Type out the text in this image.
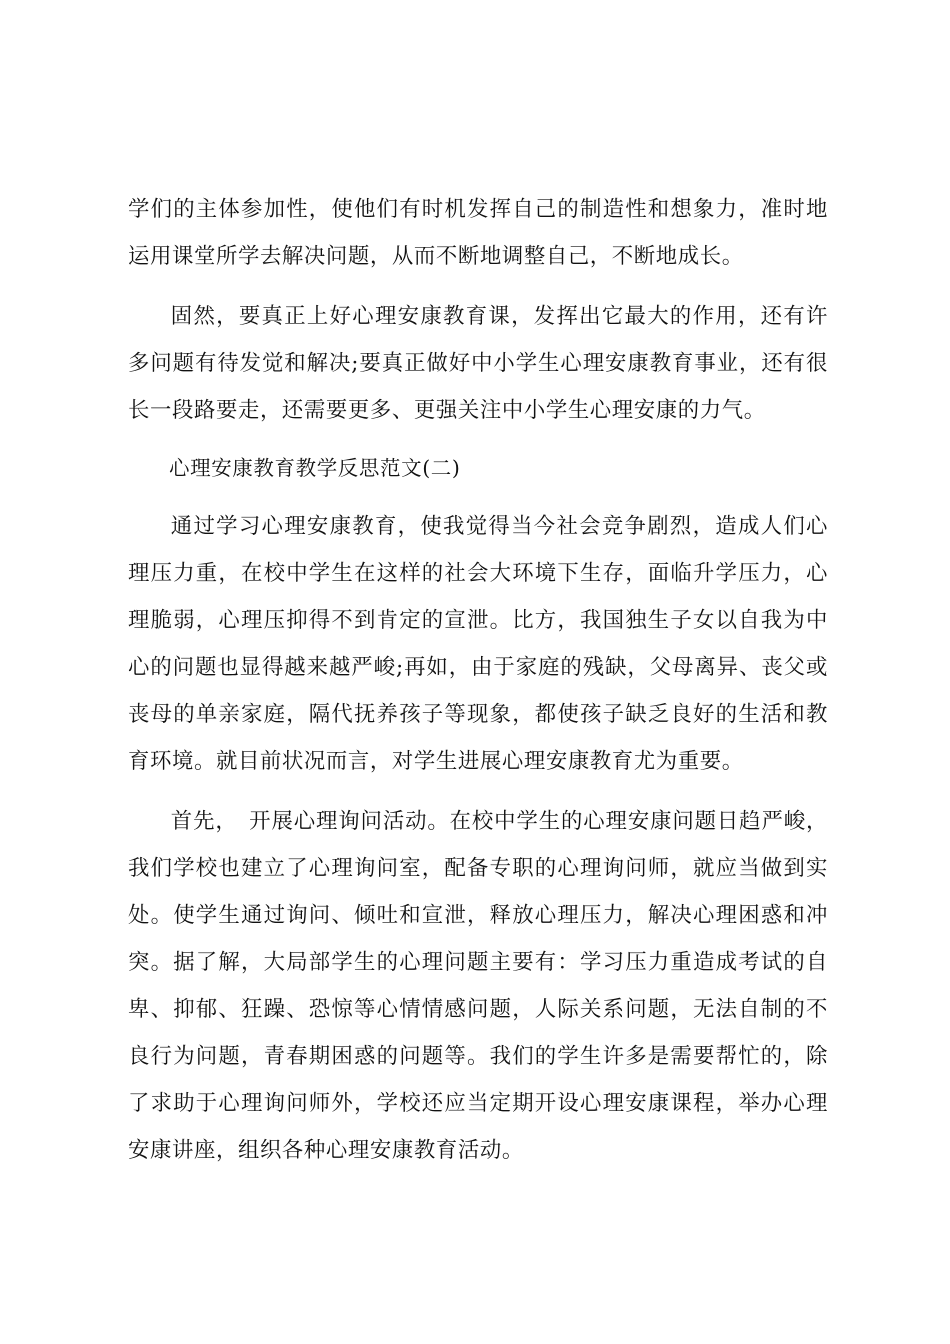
学们的主体参加性，使他们有时机发挥自己的制造性和想象力，准时地运用课堂所学去解决问题，从而不断地调整自己，不断地成长。

固然，要真正上好心理安康教育课，发挥出它最大的作用，还有许多问题有待发觉和解决;要真正做好中小学生心理安康教育事业，还有很长一段路要走，还需要更多、更强关注中小学生心理安康的力气。

心理安康教育教学反思范文(二)

通过学习心理安康教育，使我觉得当今社会竞争剧烈，造成人们心理压力重，在校中学生在这样的社会大环境下生存，面临升学压力，心理脆弱，心理压抑得不到肯定的宣泄。比方，我国独生子女以自我为中心的问题也显得越来越严峻;再如，由于家庭的残缺，父母离异、丧父或丧母的单亲家庭，隔代抚养孩子等现象，都使孩子缺乏良好的生活和教育环境。就目前状况而言，对学生进展心理安康教育尤为重要。

首先，　开展心理询问活动。在校中学生的心理安康问题日趋严峻，我们学校也建立了心理询问室，配备专职的心理询问师，就应当做到实处。使学生通过询问、倾吐和宣泄，释放心理压力，解决心理困惑和冲突。据了解，大局部学生的心理问题主要有：学习压力重造成考试的自卑、抑郁、狂躁、恐惊等心情情感问题，人际关系问题，无法自制的不良行为问题，青春期困惑的问题等。我们的学生许多是需要帮忙的，除了求助于心理询问师外，学校还应当定期开设心理安康课程，举办心理安康讲座，组织各种心理安康教育活动。
